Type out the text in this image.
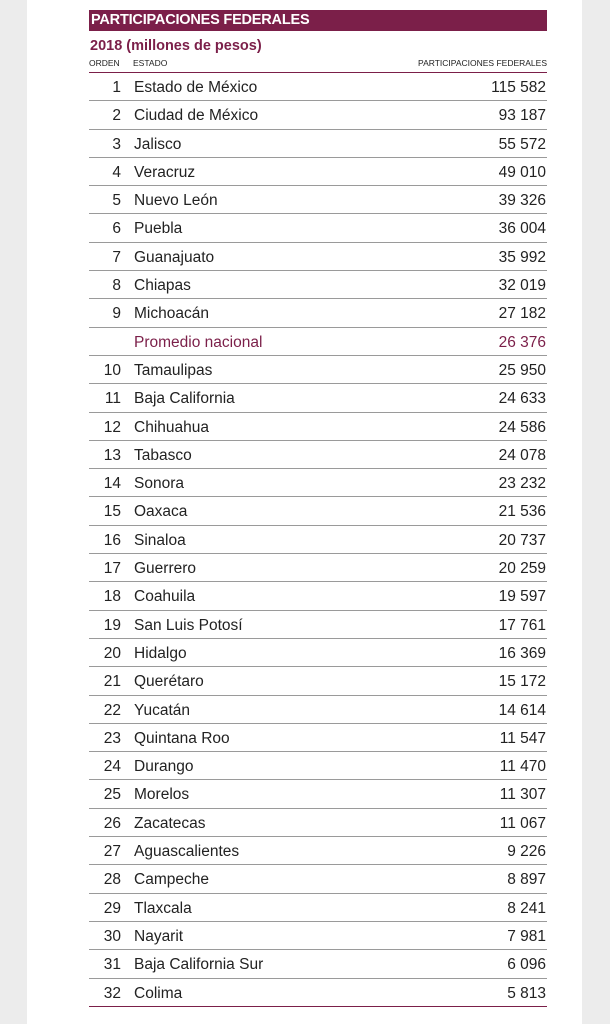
PARTICIPACIONES FEDERALES
2018 (millones de pesos)
ORDEN ESTADO	PARTICIPACIONES FEDERALES
1 Estado de México	115 582
2 Ciudad de México	93 187
3 Jalisco	55 572
4 Veracruz	49 010
5 Nuevo León	39 326
6 Puebla	36 004
7 Guanajuato	35 992
8 Chiapas	32 019
9 Michoacán	27 182
Promedio nacional	26 376
10 Tamaulipas	25 950
11 Baja California	24 633
12 Chihuahua	24 586
13 Tabasco	24 078
14 Sonora	23 232
15 Oaxaca	21 536
16 Sinaloa	20 737
17 Guerrero	20 259
18 Coahuila	19 597
19 San Luis Potosí	17 761
20 Hidalgo	16 369
21 Querétaro	15 172
22 Yucatán	14 614
23 Quintana Roo	11 547
24 Durango	11 470
25 Morelos	11 307
26 Zacatecas	11 067
27 Aguascalientes	9 226
28 Campeche	8 897
29 Tlaxcala	8 241
30 Nayarit	7 981
31 Baja California Sur	6 096
32 Colima	5 813
